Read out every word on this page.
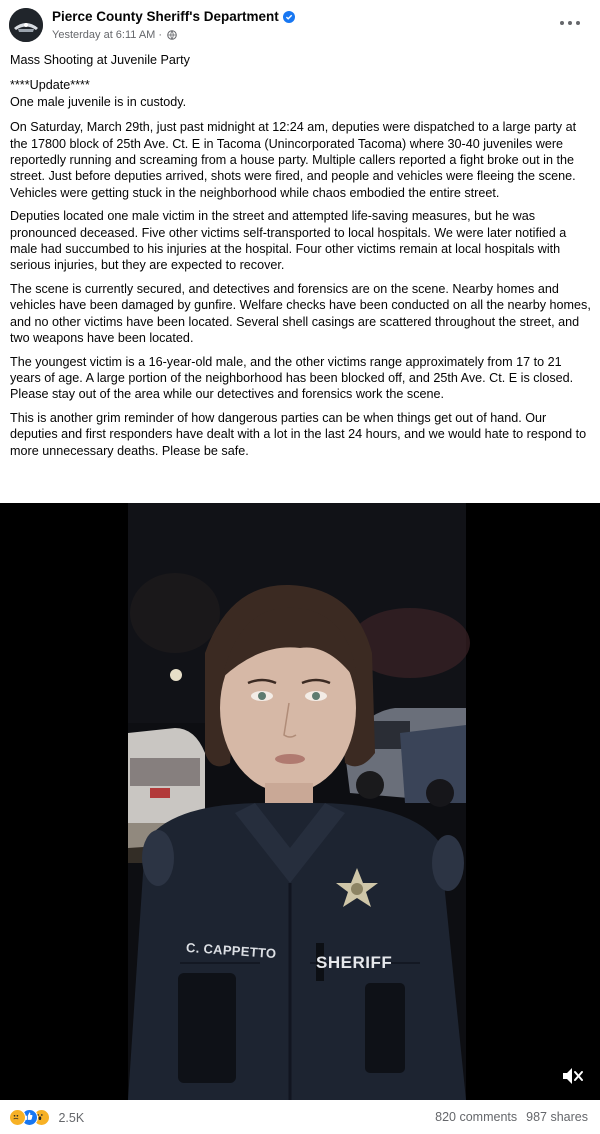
Pierce County Sheriff's Department
Yesterday at 6:11 AM ·

Mass Shooting at Juvenile Party

****Update****

One male juvenile is in custody.

On Saturday, March 29th, just past midnight at 12:24 am, deputies were dispatched to a large party at the 17800 block of 25th Ave. Ct. E in Tacoma (Unincorporated Tacoma) where 30-40 juveniles were reportedly running and screaming from a house party. Multiple callers reported a fight broke out in the street. Just before deputies arrived, shots were fired, and people and vehicles were fleeing the scene. Vehicles were getting stuck in the neighborhood while chaos embodied the entire street.

Deputies located one male victim in the street and attempted life-saving measures, but he was pronounced deceased. Five other victims self-transported to local hospitals. We were later notified a male had succumbed to his injuries at the hospital. Four other victims remain at local hospitals with serious injuries, but they are expected to recover.

The scene is currently secured, and detectives and forensics are on the scene. Nearby homes and vehicles have been damaged by gunfire. Welfare checks have been conducted on all the nearby homes, and no other victims have been located. Several shell casings are scattered throughout the street, and two weapons have been located.

The youngest victim is a 16-year-old male, and the other victims range approximately from 17 to 21 years of age. A large portion of the neighborhood has been blocked off, and 25th Ave. Ct. E is closed. Please stay out of the area while our detectives and forensics work the scene.

This is another grim reminder of how dangerous parties can be when things get out of hand. Our deputies and first responders have dealt with a lot in the last 24 hours, and we would hate to respond to more unnecessary deaths. Please be safe.

C. CAPPETTO
SHERIFF
2.5K	820 comments 987 shares
